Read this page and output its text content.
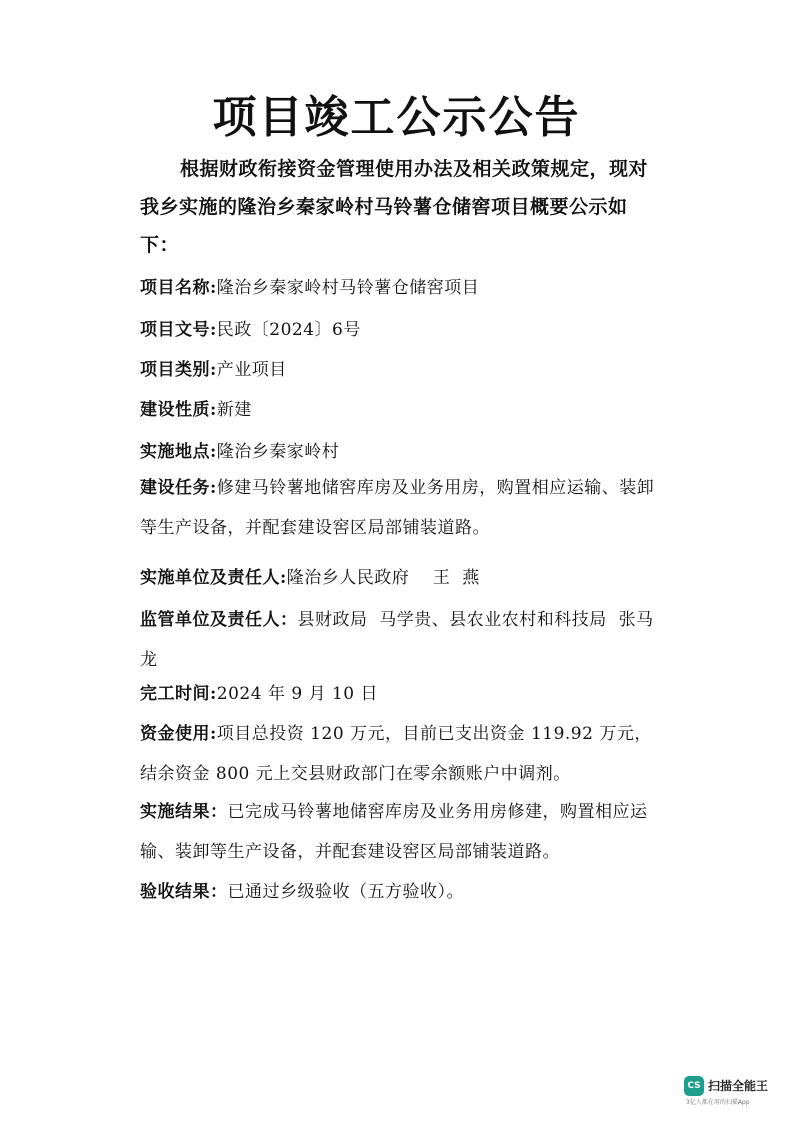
项目竣工公示公告
根据财政衔接资金管理使用办法及相关政策规定，现对我乡实施的隆治乡秦家岭村马铃薯仓储窖项目概要公示如下：
项目名称:隆治乡秦家岭村马铃薯仓储窖项目
项目文号:民政〔2024〕6号
项目类别:产业项目
建设性质:新建
实施地点:隆治乡秦家岭村
建设任务:修建马铃薯地储窖库房及业务用房，购置相应运输、装卸等生产设备，并配套建设窖区局部铺装道路。
实施单位及责任人:隆治乡人民政府    王  燕
监管单位及责任人：县财政局  马学贵、县农业农村和科技局  张马龙
完工时间:2024 年 9 月 10 日
资金使用:项目总投资 120 万元，目前已支出资金 119.92 万元，结余资金 800 元上交县财政部门在零余额账户中调剂。
实施结果：已完成马铃薯地储窖库房及业务用房修建，购置相应运输、装卸等生产设备，并配套建设窖区局部铺装道路。
验收结果：已通过乡级验收（五方验收）。
CS 扫描全能王
3亿人都在用的扫描App
